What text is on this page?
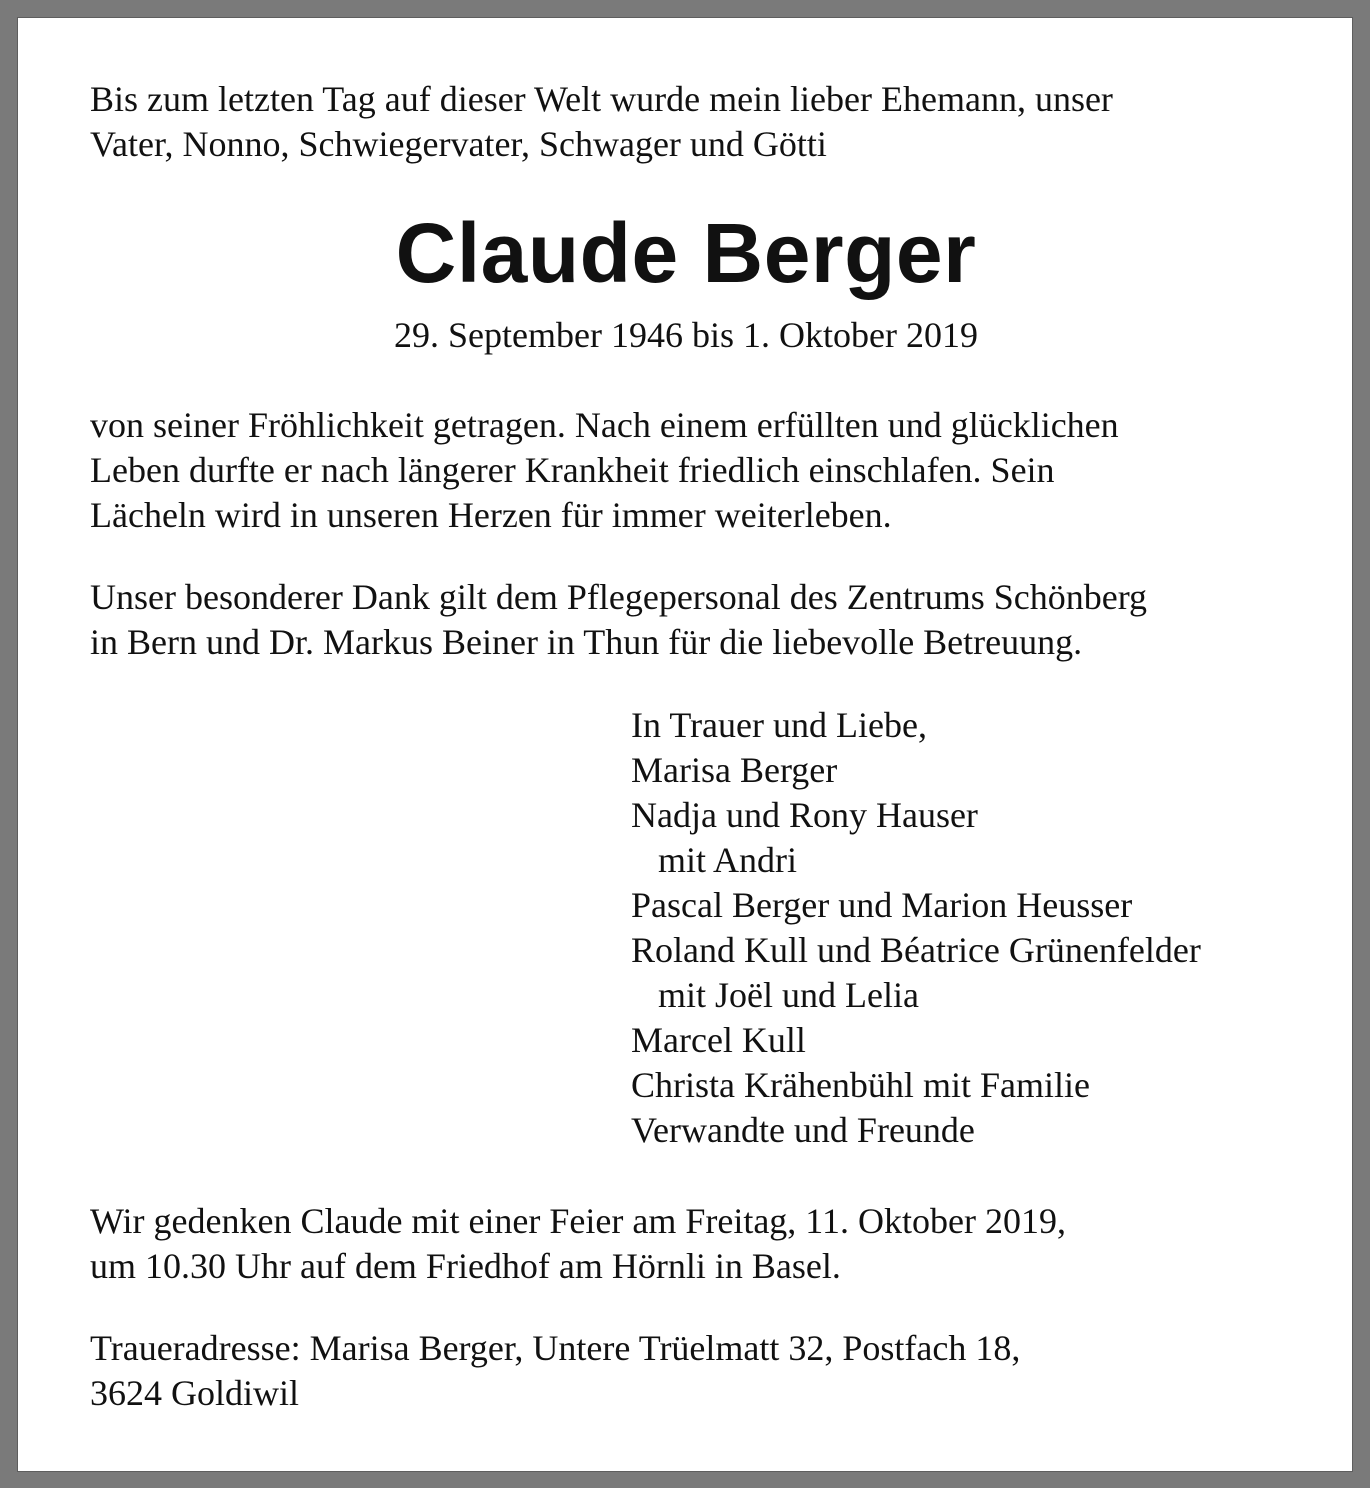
Bis zum letzten Tag auf dieser Welt wurde mein lieber Ehemann, unser
Vater, Nonno, Schwiegervater, Schwager und Götti

Claude Berger

29. September 1946 bis 1. Oktober 2019

von seiner Fröhlichkeit getragen. Nach einem erfüllten und glücklichen
Leben durfte er nach längerer Krankheit friedlich einschlafen. Sein
Lächeln wird in unseren Herzen für immer weiterleben.

Unser besonderer Dank gilt dem Pflegepersonal des Zentrums Schönberg
in Bern und Dr. Markus Beiner in Thun für die liebevolle Betreuung.

In Trauer und Liebe,
Marisa Berger
Nadja und Rony Hauser
mit Andri
Pascal Berger und Marion Heusser
Roland Kull und Béatrice Grünenfelder
mit Joël und Lelia
Marcel Kull
Christa Krähenbühl mit Familie
Verwandte und Freunde

Wir gedenken Claude mit einer Feier am Freitag, 11. Oktober 2019,
um 10.30 Uhr auf dem Friedhof am Hörnli in Basel.

Traueradresse: Marisa Berger, Untere Trüelmatt 32, Postfach 18,
3624 Goldiwil
